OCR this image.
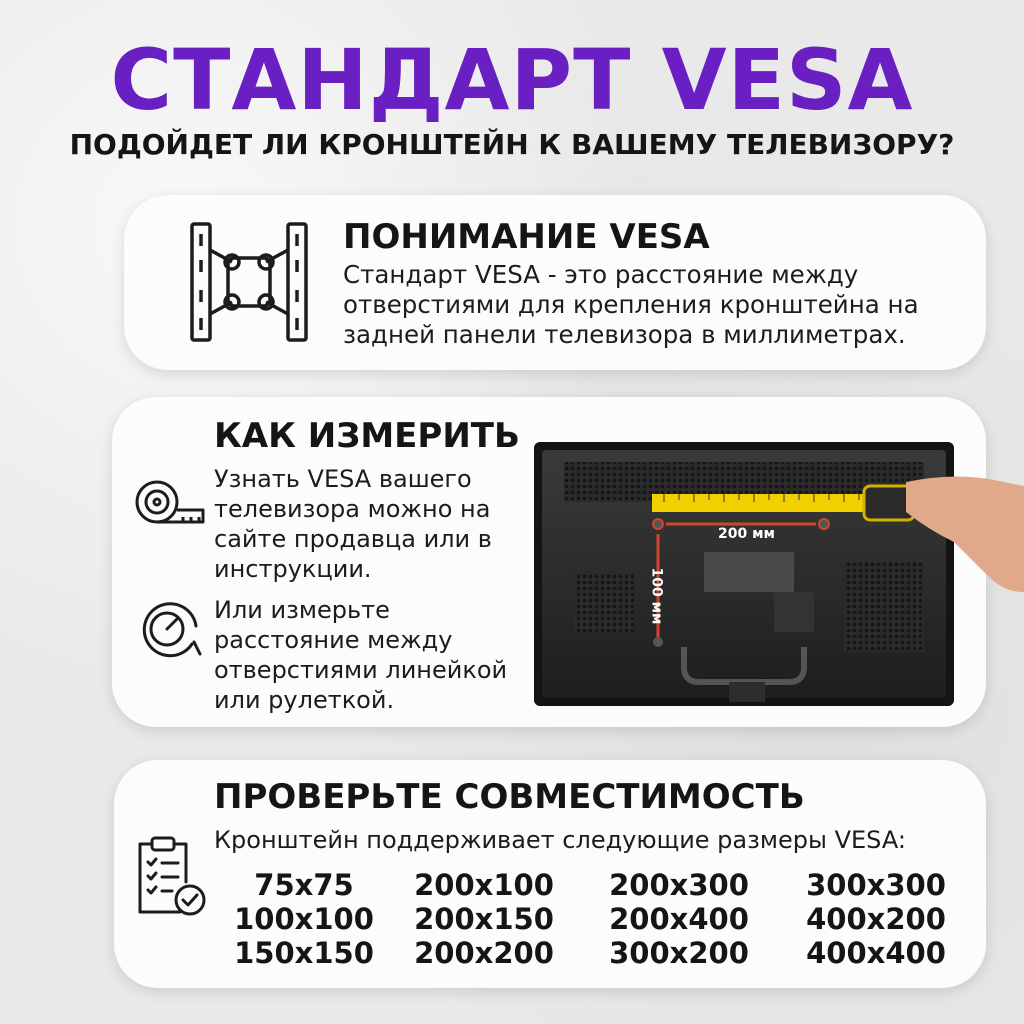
СТАНДАРТ VESA
ПОДОЙДЕТ ЛИ КРОНШТЕЙН К ВАШЕМУ ТЕЛЕВИЗОРУ?
ПОНИМАНИЕ VESA
Стандарт VESA - это расстояние между отверстиями для крепления кронштейна на задней панели телевизора в миллиметрах.
КАК ИЗМЕРИТЬ
Узнать VESA вашего телевизора можно на сайте продавца или в инструкции.
Или измерьте расстояние между отверстиями линейкой или рулеткой.
200 мм
100 мм
ПРОВЕРЬТЕ СОВМЕСТИМОСТЬ
Кронштейн поддерживает следующие размеры VESA:
75x75
100x100
150x150
200x100
200x150
200x200
200x300
200x400
300x200
300x300
400x200
400x400
